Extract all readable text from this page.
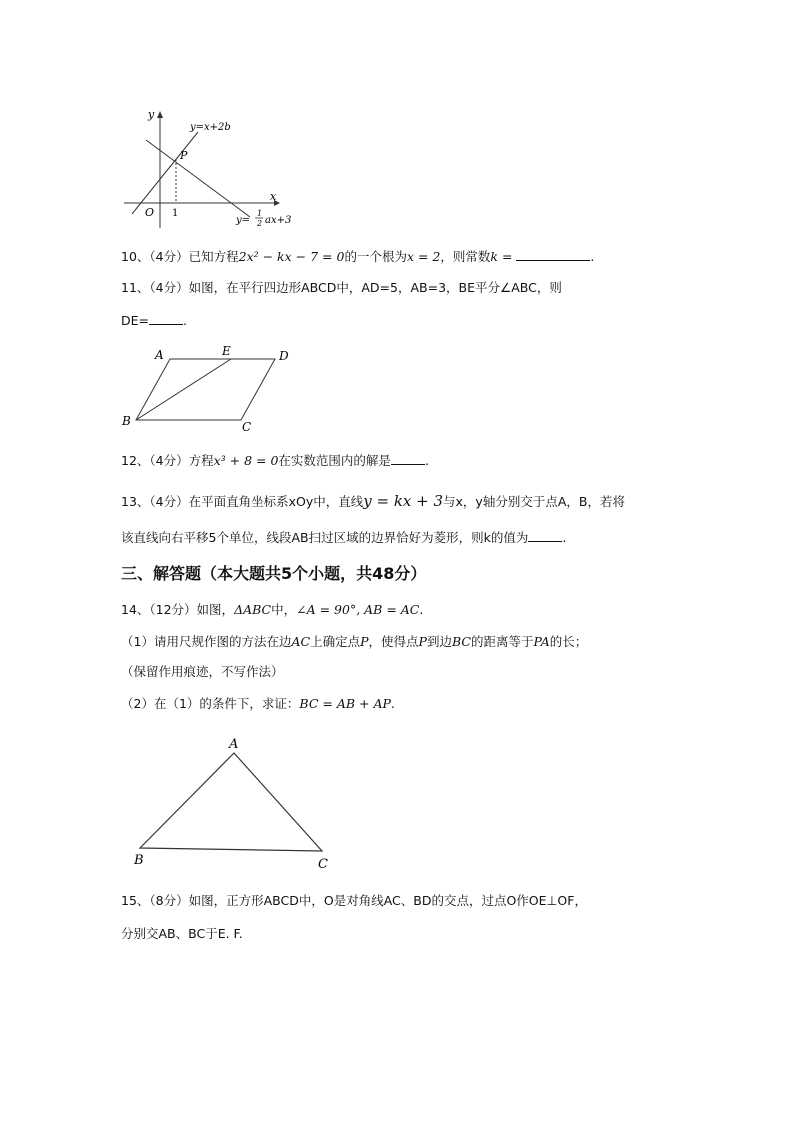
y
x
O 1
P
y=x+2b
y=
1
2 ax+3
10、（4分）已知方程2x² − kx − 7 = 0的一个根为x = 2，则常数k =	.
11、（4分）如图，在平行四边形ABCD中，AD=5，AB=3，BE平分∠ABC，则
DE=	.
A	E	D
B	C
12、（4分）方程x³ + 8 = 0在实数范围内的解是	.
13、（4分）在平面直角坐标系xOy中，直线y = kx + 3与x，y轴分别交于点A，B，若将
该直线向右平移5个单位，线段AB扫过区域的边界恰好为菱形，则k的值为	.
三、解答题（本大题共5个小题，共48分）
14、（12分）如图，ΔABC中，∠A = 90°, AB = AC.
（1）请用尺规作图的方法在边AC上确定点P，使得点P到边BC的距离等于PA的长；
（保留作用痕迹，不写作法）
（2）在（1）的条件下，求证：BC = AB + AP.
A
B	C
15、（8分）如图，正方形ABCD中，O是对角线AC、BD的交点，过点O作OE⊥OF，
分别交AB、BC于E. F.
